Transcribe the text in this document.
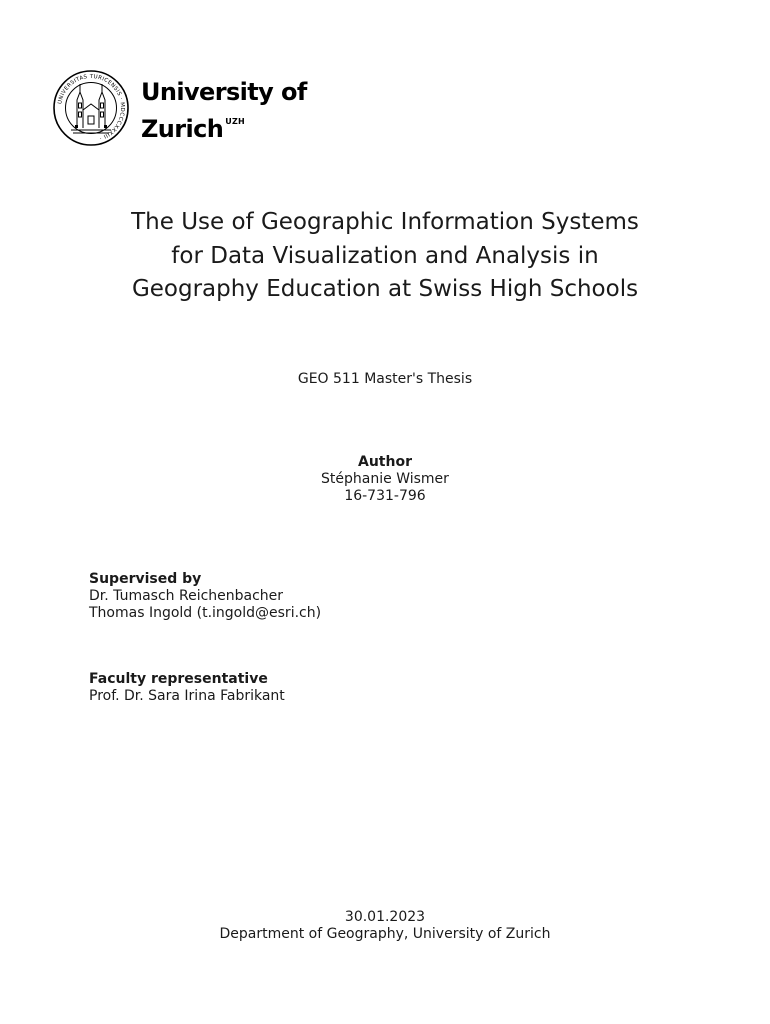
UNIVERSITAS TURICENSIS · MDCCCXXXIII ·
University of
Zurich $^{UZH}$
The Use of Geographic Information Systems
for Data Visualization and Analysis in
Geography Education at Swiss High Schools
GEO 511 Master's Thesis
Author
Stéphanie Wismer
16-731-796
Supervised by
Dr. Tumasch Reichenbacher
Thomas Ingold (t.ingold@esri.ch)
Faculty representative
Prof. Dr. Sara Irina Fabrikant
30.01.2023
Department of Geography, University of Zurich
